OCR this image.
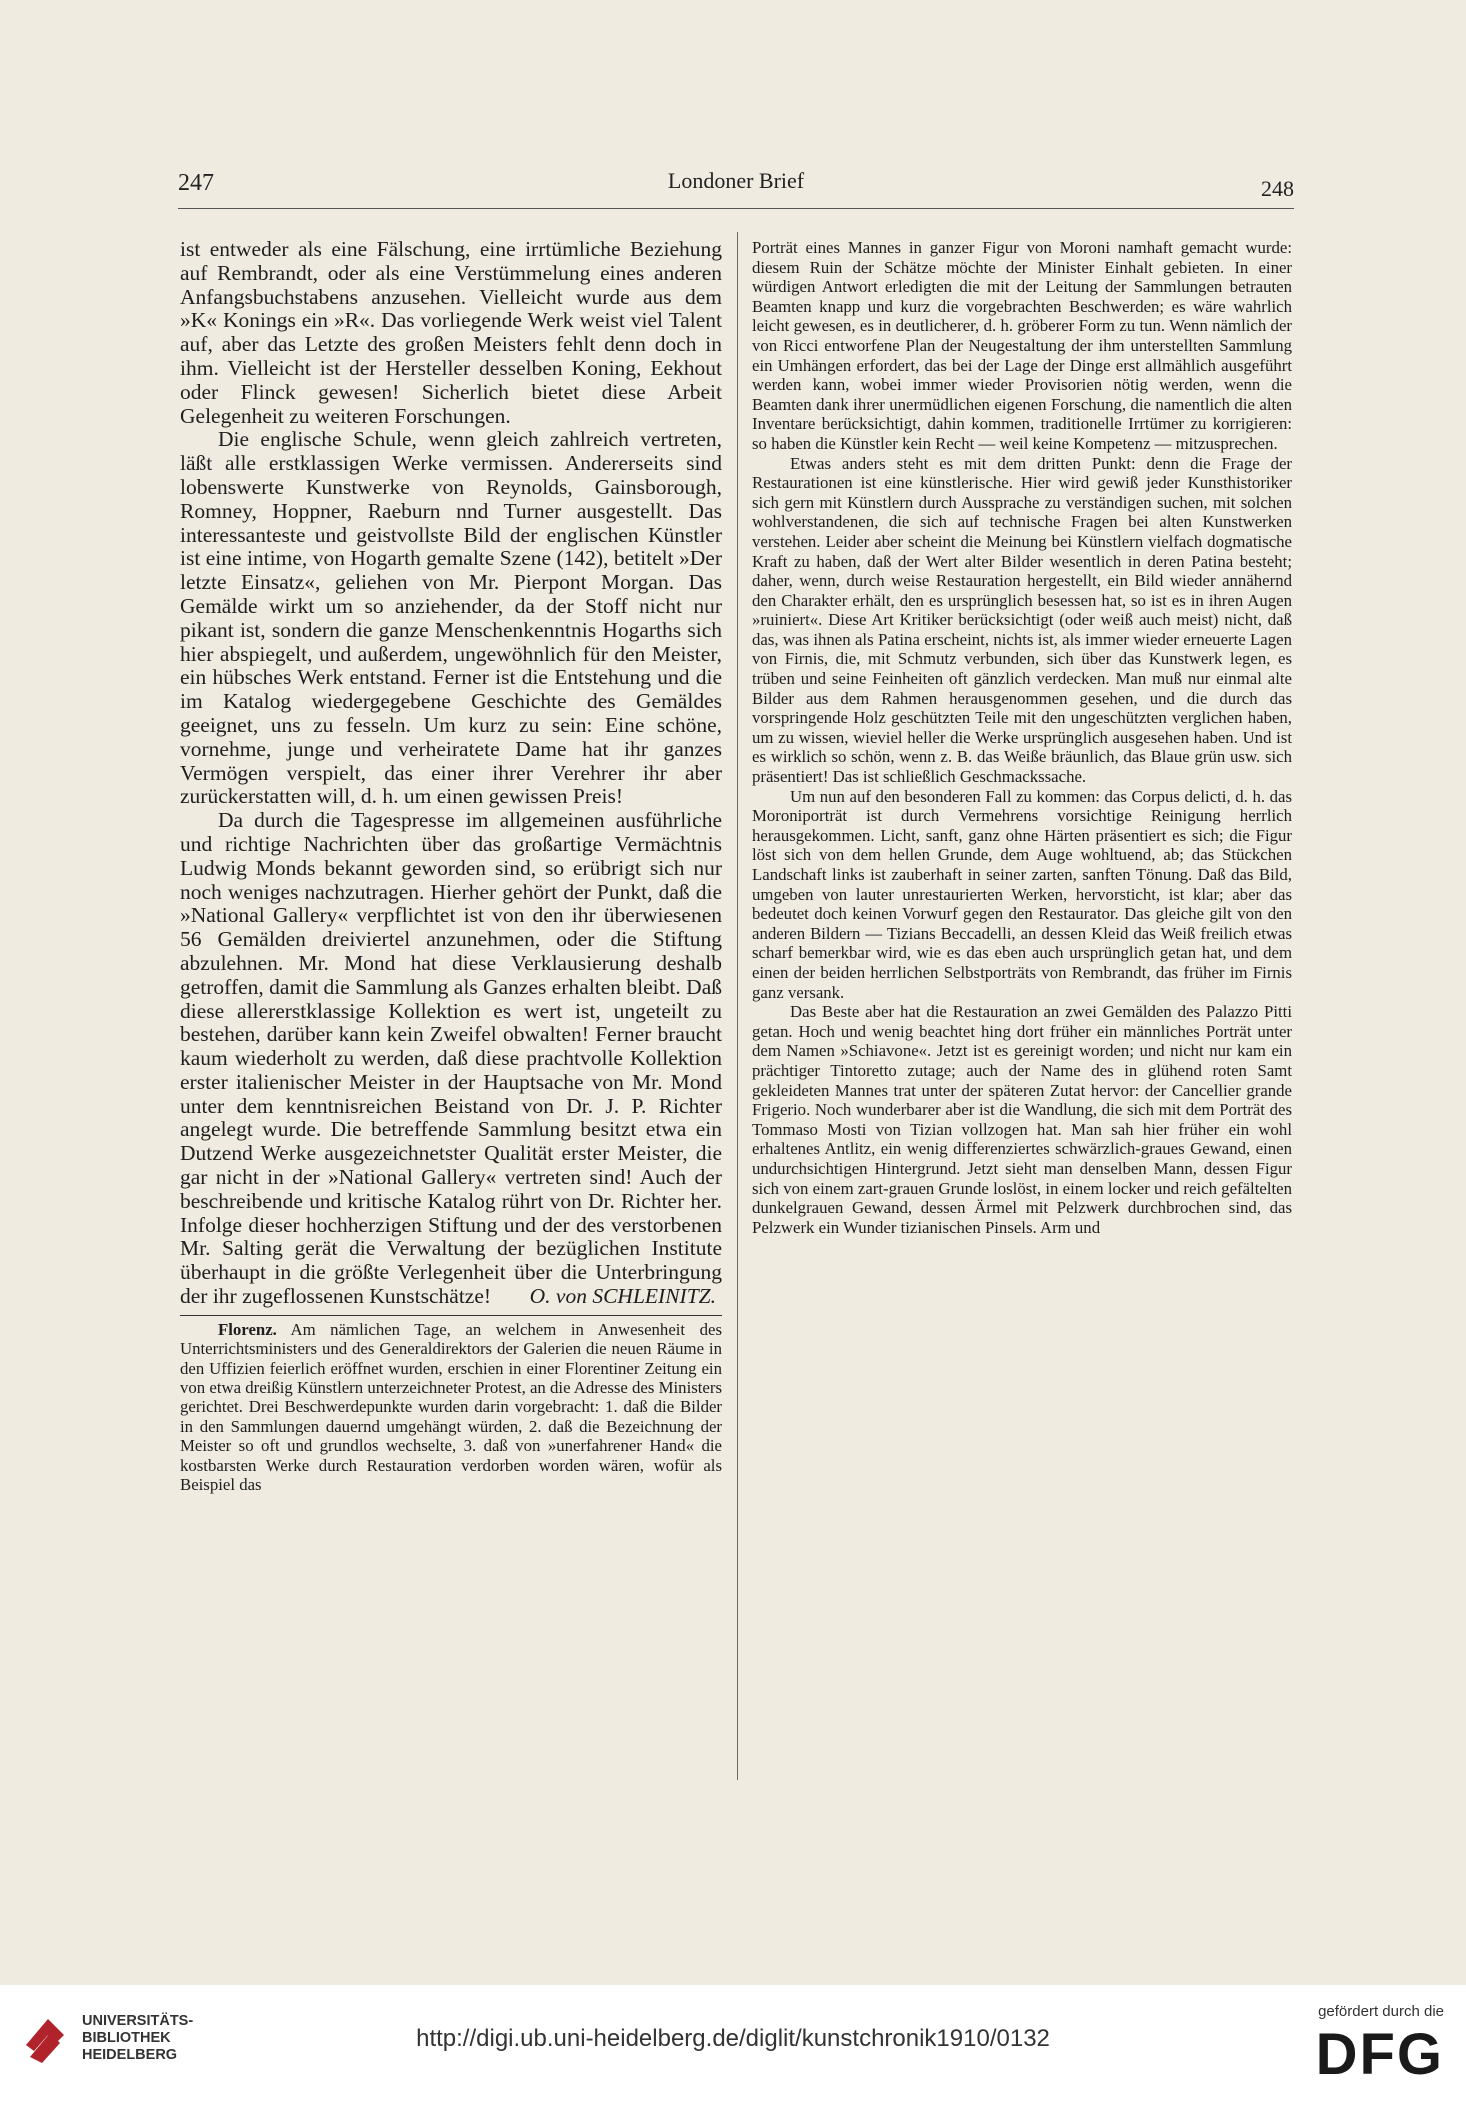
247	Londoner Brief	248

ist entweder als eine Fälschung, eine irrtümliche Beziehung auf Rembrandt, oder als eine Verstümmelung eines anderen Anfangsbuchstabens anzusehen. Vielleicht wurde aus dem »K« Konings ein »R«. Das vorliegende Werk weist viel Talent auf, aber das Letzte des großen Meisters fehlt denn doch in ihm. Vielleicht ist der Hersteller desselben Koning, Eekhout oder Flinck gewesen! Sicherlich bietet diese Arbeit Gelegenheit zu weiteren Forschungen.

Die englische Schule, wenn gleich zahlreich vertreten, läßt alle erstklassigen Werke vermissen. Andererseits sind lobenswerte Kunstwerke von Reynolds, Gainsborough, Romney, Hoppner, Raeburn nnd Turner ausgestellt. Das interessanteste und geistvollste Bild der englischen Künstler ist eine intime, von Hogarth gemalte Szene (142), betitelt »Der letzte Einsatz«, geliehen von Mr. Pierpont Morgan. Das Gemälde wirkt um so anziehender, da der Stoff nicht nur pikant ist, sondern die ganze Menschenkenntnis Hogarths sich hier abspiegelt, und außerdem, ungewöhnlich für den Meister, ein hübsches Werk entstand. Ferner ist die Entstehung und die im Katalog wiedergegebene Geschichte des Gemäldes geeignet, uns zu fesseln. Um kurz zu sein: Eine schöne, vornehme, junge und verheiratete Dame hat ihr ganzes Vermögen verspielt, das einer ihrer Verehrer ihr aber zurückerstatten will, d. h. um einen gewissen Preis!

Da durch die Tagespresse im allgemeinen ausführliche und richtige Nachrichten über das großartige Vermächtnis Ludwig Monds bekannt geworden sind, so erübrigt sich nur noch weniges nachzutragen. Hierher gehört der Punkt, daß die »National Gallery« verpflichtet ist von den ihr überwiesenen 56 Gemälden dreiviertel anzunehmen, oder die Stiftung abzulehnen. Mr. Mond hat diese Verklausierung deshalb getroffen, damit die Sammlung als Ganzes erhalten bleibt. Daß diese allererstklassige Kollektion es wert ist, ungeteilt zu bestehen, darüber kann kein Zweifel obwalten! Ferner braucht kaum wiederholt zu werden, daß diese prachtvolle Kollektion erster italienischer Meister in der Hauptsache von Mr. Mond unter dem kenntnisreichen Beistand von Dr. J. P. Richter angelegt wurde. Die betreffende Sammlung besitzt etwa ein Dutzend Werke ausgezeichnetster Qualität erster Meister, die gar nicht in der »National Gallery« vertreten sind! Auch der beschreibende und kritische Katalog rührt von Dr. Richter her. Infolge dieser hochherzigen Stiftung und der des verstorbenen Mr. Salting gerät die Verwaltung der bezüglichen Institute überhaupt in die größte Verlegenheit über die Unterbringung der ihr zugeflossenen Kunstschätze!	O. von SCHLEINITZ.

Florenz. Am nämlichen Tage, an welchem in Anwesenheit des Unterrichtsministers und des Generaldirektors der Galerien die neuen Räume in den Uffizien feierlich eröffnet wurden, erschien in einer Florentiner Zeitung ein von etwa dreißig Künstlern unterzeichneter Protest, an die Adresse des Ministers gerichtet. Drei Beschwerdepunkte wurden darin vorgebracht: 1. daß die Bilder in den Sammlungen dauernd umgehängt würden, 2. daß die Bezeichnung der Meister so oft und grundlos wechselte, 3. daß von »unerfahrener Hand« die kostbarsten Werke durch Restauration verdorben worden wären, wofür als Beispiel das

Porträt eines Mannes in ganzer Figur von Moroni namhaft gemacht wurde: diesem Ruin der Schätze möchte der Minister Einhalt gebieten. In einer würdigen Antwort erledigten die mit der Leitung der Sammlungen betrauten Beamten knapp und kurz die vorgebrachten Beschwerden; es wäre wahrlich leicht gewesen, es in deutlicherer, d. h. gröberer Form zu tun. Wenn nämlich der von Ricci entworfene Plan der Neugestaltung der ihm unterstellten Sammlung ein Umhängen erfordert, das bei der Lage der Dinge erst allmählich ausgeführt werden kann, wobei immer wieder Provisorien nötig werden, wenn die Beamten dank ihrer unermüdlichen eigenen Forschung, die namentlich die alten Inventare berücksichtigt, dahin kommen, traditionelle Irrtümer zu korrigieren: so haben die Künstler kein Recht — weil keine Kompetenz — mitzusprechen.

Etwas anders steht es mit dem dritten Punkt: denn die Frage der Restaurationen ist eine künstlerische. Hier wird gewiß jeder Kunsthistoriker sich gern mit Künstlern durch Aussprache zu verständigen suchen, mit solchen wohlverstandenen, die sich auf technische Fragen bei alten Kunstwerken verstehen. Leider aber scheint die Meinung bei Künstlern vielfach dogmatische Kraft zu haben, daß der Wert alter Bilder wesentlich in deren Patina besteht; daher, wenn, durch weise Restauration hergestellt, ein Bild wieder annähernd den Charakter erhält, den es ursprünglich besessen hat, so ist es in ihren Augen »ruiniert«. Diese Art Kritiker berücksichtigt (oder weiß auch meist) nicht, daß das, was ihnen als Patina erscheint, nichts ist, als immer wieder erneuerte Lagen von Firnis, die, mit Schmutz verbunden, sich über das Kunstwerk legen, es trüben und seine Feinheiten oft gänzlich verdecken. Man muß nur einmal alte Bilder aus dem Rahmen herausgenommen gesehen, und die durch das vorspringende Holz geschützten Teile mit den ungeschützten verglichen haben, um zu wissen, wieviel heller die Werke ursprünglich ausgesehen haben. Und ist es wirklich so schön, wenn z. B. das Weiße bräunlich, das Blaue grün usw. sich präsentiert! Das ist schließlich Geschmackssache.

Um nun auf den besonderen Fall zu kommen: das Corpus delicti, d. h. das Moroniporträt ist durch Vermehrens vorsichtige Reinigung herrlich herausgekommen. Licht, sanft, ganz ohne Härten präsentiert es sich; die Figur löst sich von dem hellen Grunde, dem Auge wohltuend, ab; das Stückchen Landschaft links ist zauberhaft in seiner zarten, sanften Tönung. Daß das Bild, umgeben von lauter unrestaurierten Werken, hervorsticht, ist klar; aber das bedeutet doch keinen Vorwurf gegen den Restaurator. Das gleiche gilt von den anderen Bildern — Tizians Beccadelli, an dessen Kleid das Weiß freilich etwas scharf bemerkbar wird, wie es das eben auch ursprünglich getan hat, und dem einen der beiden herrlichen Selbstporträts von Rembrandt, das früher im Firnis ganz versank.

Das Beste aber hat die Restauration an zwei Gemälden des Palazzo Pitti getan. Hoch und wenig beachtet hing dort früher ein männliches Porträt unter dem Namen »Schiavone«. Jetzt ist es gereinigt worden; und nicht nur kam ein prächtiger Tintoretto zutage; auch der Name des in glühend roten Samt gekleideten Mannes trat unter der späteren Zutat hervor: der Cancellier grande Frigerio. Noch wunderbarer aber ist die Wandlung, die sich mit dem Porträt des Tommaso Mosti von Tizian vollzogen hat. Man sah hier früher ein wohl erhaltenes Antlitz, ein wenig differenziertes schwärzlich-graues Gewand, einen undurchsichtigen Hintergrund. Jetzt sieht man denselben Mann, dessen Figur sich von einem zart-grauen Grunde loslöst, in einem locker und reich gefältelten dunkelgrauen Gewand, dessen Ärmel mit Pelzwerk durchbrochen sind, das Pelzwerk ein Wunder tizianischen Pinsels. Arm und

UNIVERSITÄTS-
BIBLIOTHEK
HEIDELBERG
http://digi.ub.uni-heidelberg.de/diglit/kunstchronik1910/0132
gefördert durch die
DFG
